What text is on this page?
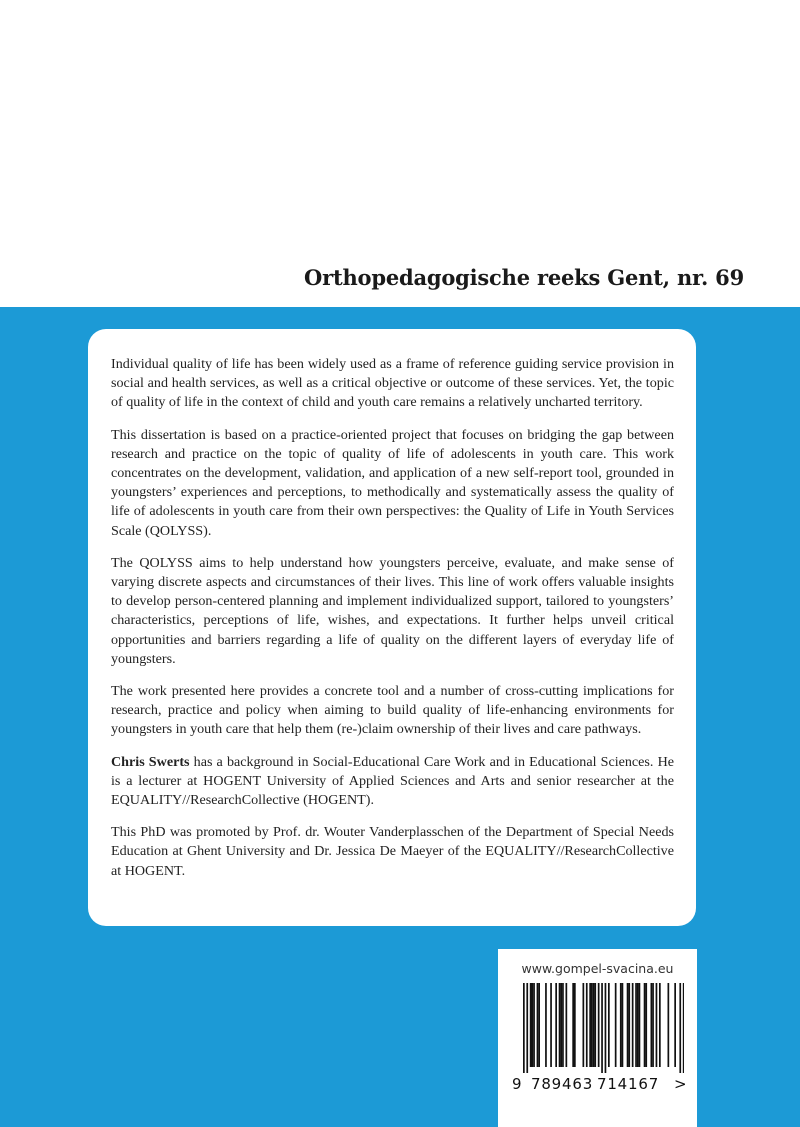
Orthopedagogische reeks Gent, nr. 69

Individual quality of life has been widely used as a frame of reference guiding service provision in social and health services, as well as a critical objective or outcome of these services. Yet, the topic of quality of life in the context of child and youth care remains a relatively uncharted territory.

This dissertation is based on a practice-oriented project that focuses on bridging the gap between research and practice on the topic of quality of life of adolescents in youth care. This work concentrates on the development, validation, and application of a new self-report tool, grounded in youngsters’ experiences and perceptions, to methodically and systematically assess the quality of life of adolescents in youth care from their own perspectives: the Quality of Life in Youth Services Scale (QOLYSS).

The QOLYSS aims to help understand how youngsters perceive, evaluate, and make sense of varying discrete aspects and circumstances of their lives. This line of work offers valuable insights to develop person-centered planning and implement individualized support, tailored to youngsters’ characteristics, perceptions of life, wishes, and expectations. It further helps unveil critical opportunities and barriers regarding a life of quality on the different layers of everyday life of youngsters.

The work presented here provides a concrete tool and a number of cross-cutting implications for research, practice and policy when aiming to build quality of life-enhancing environments for youngsters in youth care that help them (re-)claim ownership of their lives and care pathways.

Chris Swerts has a background in Social-Educational Care Work and in Educational Sciences. He is a lecturer at HOGENT University of Applied Sciences and Arts and senior researcher at the EQUALITY//ResearchCollective (HOGENT).

This PhD was promoted by Prof. dr. Wouter Vanderplasschen of the Department of Special Needs Education at Ghent University and Dr. Jessica De Maeyer of the EQUALITY//ResearchCollective at HOGENT.

www.gompel-svacina.eu
9 789463 714167 >
